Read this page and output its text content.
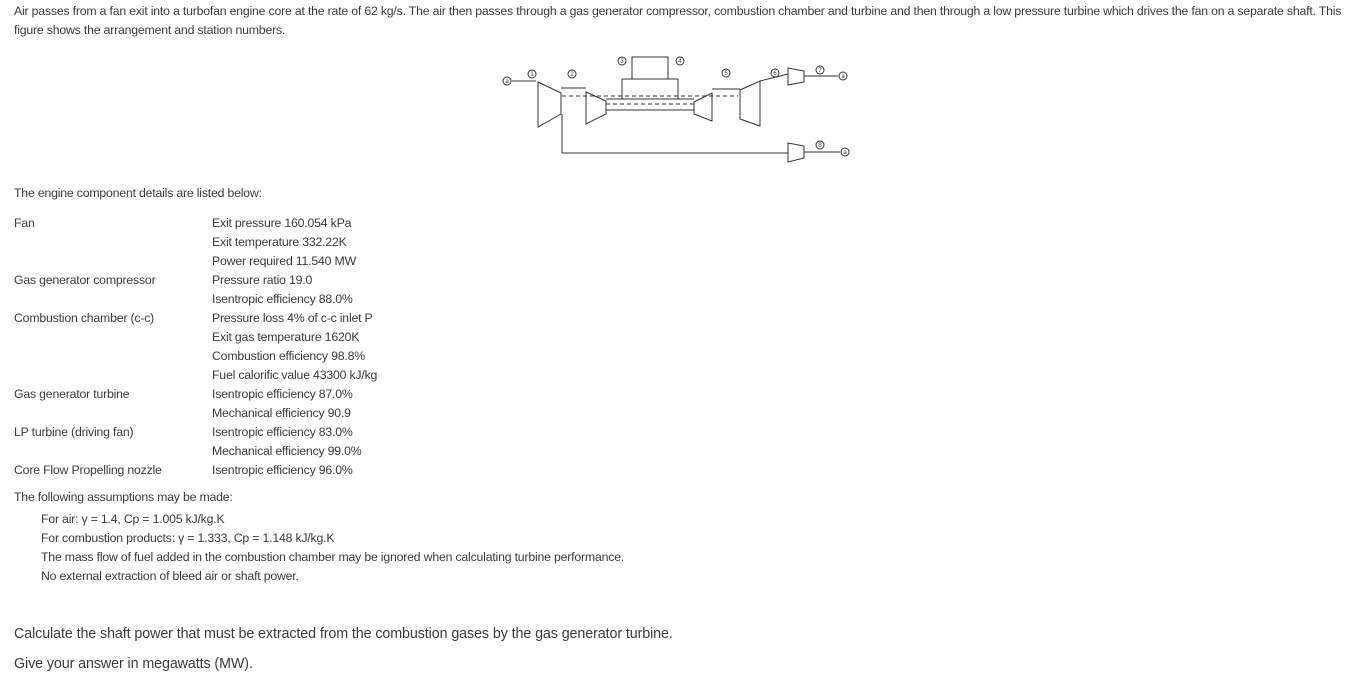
Air passes from a fan exit into a turbofan engine core at the rate of 62 kg/s. The air then passes through a gas generator compressor, combustion chamber and turbine and then through a low pressure turbine which drives the fan on a separate shaft. This figure shows the arrangement and station numbers.
a
1	2
3	4
5	6	7
a
8
a
The engine component details are listed below:
Fan	Exit pressure 160.054 kPa
Exit temperature 332.22K
Power required 11.540 MW
Gas generator compressor	Pressure ratio 19.0
Isentropic efficiency 88.0%
Combustion chamber (c-c)	Pressure loss 4% of c-c inlet P
Exit gas temperature 1620K
Combustion efficiency 98.8%
Fuel calorific value 43300 kJ/kg
Gas generator turbine	Isentropic efficiency 87.0%
Mechanical efficiency 90.9
LP turbine (driving fan)	Isentropic efficiency 83.0%
Mechanical efficiency 99.0%
Core Flow Propelling nozzle	Isentropic efficiency 96.0%
The following assumptions may be made:
For air: γ = 1.4, Cp = 1.005 kJ/kg.K
For combustion products: γ = 1.333, Cp = 1.148 kJ/kg.K
The mass flow of fuel added in the combustion chamber may be ignored when calculating turbine performance.
No external extraction of bleed air or shaft power.
Calculate the shaft power that must be extracted from the combustion gases by the gas generator turbine.
Give your answer in megawatts (MW).
